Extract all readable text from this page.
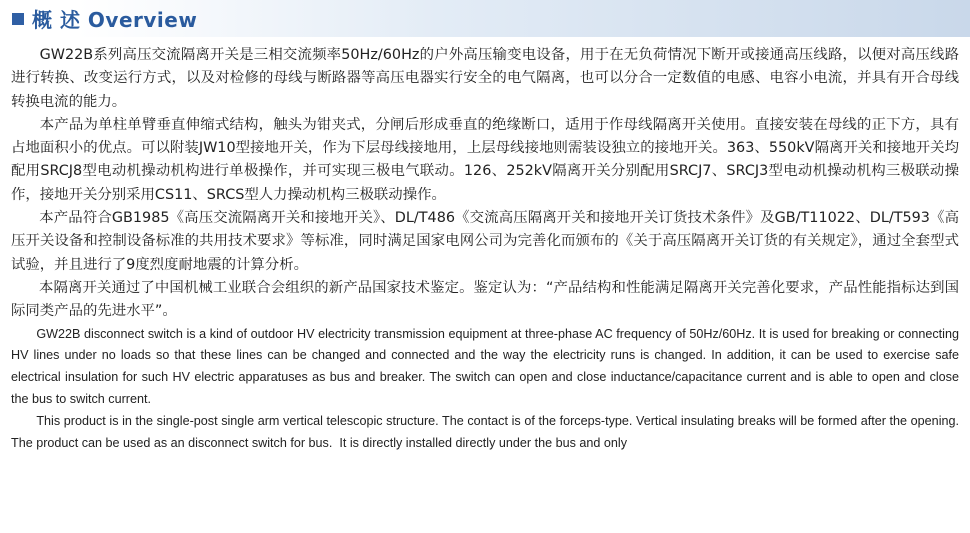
概 述 Overview

GW22B系列高压交流隔离开关是三相交流频率50Hz/60Hz的户外高压输变电设备，用于在无负荷情况下断开或接通高压线路，以便对高压线路进行转换、改变运行方式，以及对检修的母线与断路器等高压电器实行安全的电气隔离，也可以分合一定数值的电感、电容小电流，并具有开合母线转换电流的能力。

本产品为单柱单臂垂直伸缩式结构，触头为钳夹式，分闸后形成垂直的绝缘断口，适用于作母线隔离开关使用。直接安装在母线的正下方，具有占地面积小的优点。可以附装JW10型接地开关，作为下层母线接地用，上层母线接地则需装设独立的接地开关。363、550kV隔离开关和接地开关均配用SRCJ8型电动机操动机构进行单极操作，并可实现三极电气联动。126、252kV隔离开关分别配用SRCJ7、SRCJ3型电动机操动机构三极联动操作，接地开关分别采用CS11、SRCS型人力操动机构三极联动操作。

本产品符合GB1985《高压交流隔离开关和接地开关》、DL/T486《交流高压隔离开关和接地开关订货技术条件》及GB/T11022、DL/T593《高压开关设备和控制设备标准的共用技术要求》等标准，同时满足国家电网公司为完善化而颁布的《关于高压隔离开关订货的有关规定》，通过全套型式试验，并且进行了9度烈度耐地震的计算分析。

本隔离开关通过了中国机械工业联合会组织的新产品国家技术鉴定。鉴定认为：“产品结构和性能满足隔离开关完善化要求，产品性能指标达到国际同类产品的先进水平”。

GW22B disconnect switch is a kind of outdoor HV electricity transmission equipment at three-phase AC frequency of 50Hz/60Hz. It is used for breaking or connecting HV lines under no loads so that these lines can be changed and connected and the way the electricity runs is changed. In addition, it can be used to exercise safe electrical insulation for such HV electric apparatuses as bus and breaker. The switch can open and close inductance/capacitance current and is able to open and close the bus to switch current.

This product is in the single-post single arm vertical telescopic structure. The contact is of the forceps-type. Vertical insulating breaks will be formed after the opening. The product can be used as an disconnect switch for bus.  It is directly installed directly under the bus and only
